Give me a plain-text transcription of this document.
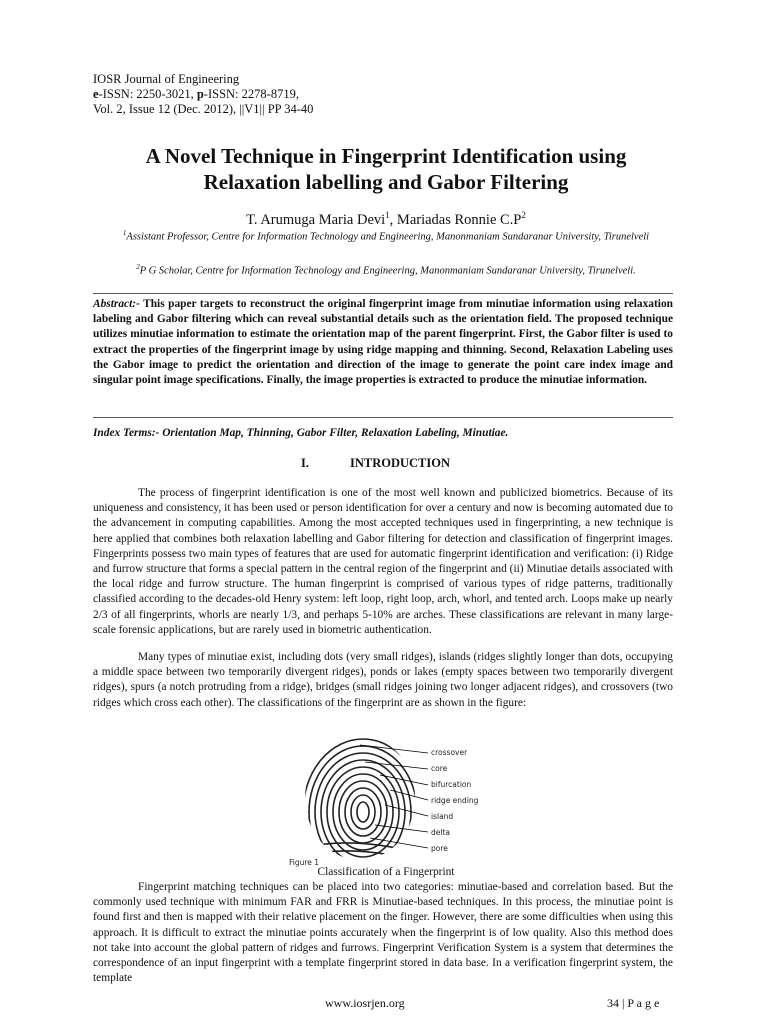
IOSR Journal of Engineering
e-ISSN: 2250-3021, p-ISSN: 2278-8719,
Vol. 2, Issue 12 (Dec. 2012), ||V1|| PP 34-40
A Novel Technique in Fingerprint Identification using
Relaxation labelling and Gabor Filtering
T. Arumuga Maria Devi$^1$, Mariadas Ronnie $C.P^2$
$^1$Assistant Professor, Centre for Information Technology and Engineering, Manonmaniam Sundaranar University, Tirunelveli
$^2$P G Scholar, Centre for Information Technology and Engineering, Manonmaniam Sundaranar University, Tirunelveli.
Abstract:- This paper targets to reconstruct the original fingerprint image from minutiae information using relaxation labeling and Gabor filtering which can reveal substantial details such as the orientation field. The proposed technique utilizes minutiae information to estimate the orientation map of the parent fingerprint. First, the Gabor filter is used to extract the properties of the fingerprint image by using ridge mapping and thinning. Second, Relaxation Labeling uses the Gabor image to predict the orientation and direction of the image to generate the point care index image and singular point image specifications. Finally, the image properties is extracted to produce the minutiae information.
Index Terms:- Orientation Map, Thinning, Gabor Filter, Relaxation Labeling, Minutiae.
I.	INTRODUCTION
The process of fingerprint identification is one of the most well known and publicized biometrics. Because of its uniqueness and consistency, it has been used or person identification for over a century and now is becoming automated due to the advancement in computing capabilities. Among the most accepted techniques used in fingerprinting, a new technique is here applied that combines both relaxation labelling and Gabor filtering for detection and classification of fingerprint images. Fingerprints possess two main types of features that are used for automatic fingerprint identification and verification: (i) Ridge and furrow structure that forms a special pattern in the central region of the fingerprint and (ii) Minutiae details associated with the local ridge and furrow structure. The human fingerprint is comprised of various types of ridge patterns, traditionally classified according to the decades-old Henry system: left loop, right loop, arch, whorl, and tented arch. Loops make up nearly 2/3 of all fingerprints, whorls are nearly 1/3, and perhaps 5-10% are arches. These classifications are relevant in many large-scale forensic applications, but are rarely used in biometric authentication.
Many types of minutiae exist, including dots (very small ridges), islands (ridges slightly longer than dots, occupying a middle space between two temporarily divergent ridges), ponds or lakes (empty spaces between two temporarily divergent ridges), spurs (a notch protruding from a ridge), bridges (small ridges joining two longer adjacent ridges), and crossovers (two ridges which cross each other). The classifications of the fingerprint are as shown in the figure:
crossover
core
bifurcation
ridge ending
island
delta
pore
Figure 1
Classification of a Fingerprint
Fingerprint matching techniques can be placed into two categories: minutiae-based and correlation based. But the commonly used technique with minimum FAR and FRR is Minutiae-based techniques. In this process, the minutiae point is found first and then is mapped with their relative placement on the finger. However, there are some difficulties when using this approach. It is difficult to extract the minutiae points accurately when the fingerprint is of low quality. Also this method does not take into account the global pattern of ridges and furrows. Fingerprint Verification System is a system that determines the correspondence of an input fingerprint with a template fingerprint stored in data base. In a verification fingerprint system, the template
www.iosrjen.org	34 | P a g e
